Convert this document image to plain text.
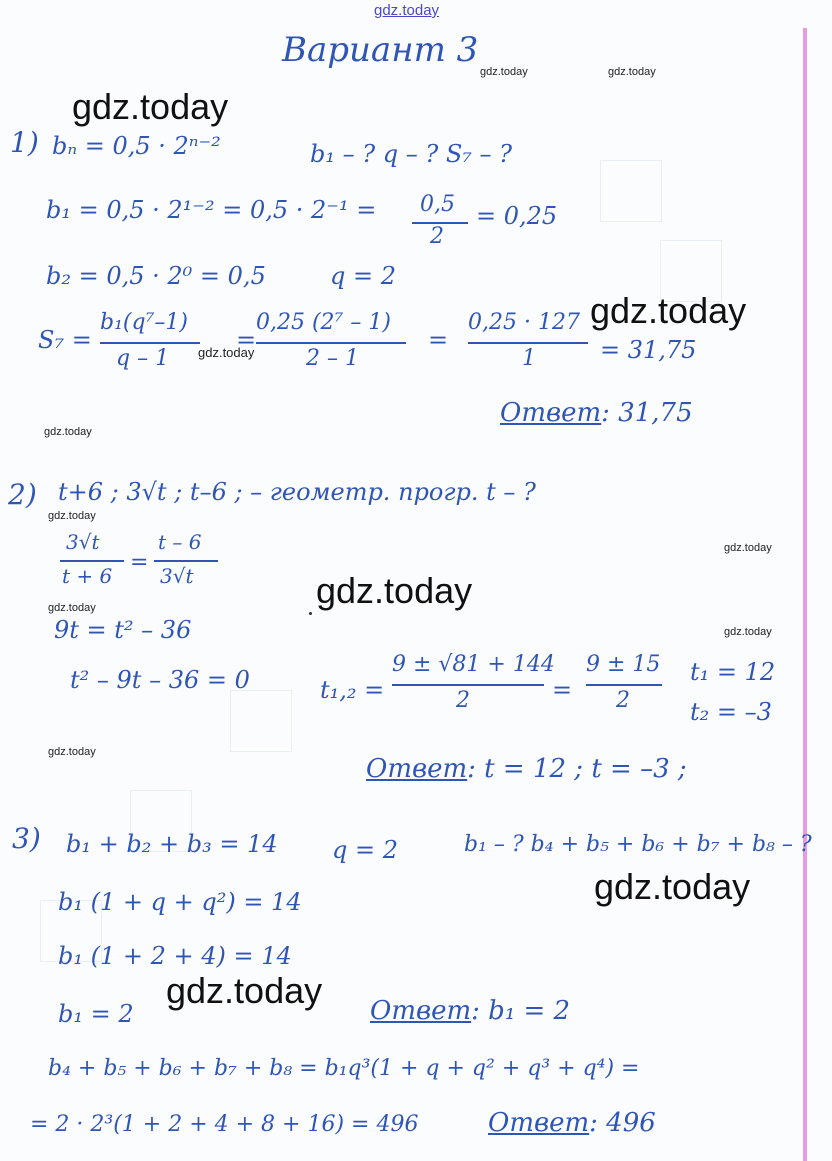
gdz.today
gdz.today	gdz.today
gdz.today
gdz.today
gdz.today
gdz.today
gdz.today
gdz.today
gdz.today
gdz.today
gdz.today
gdz.today
gdz.today
gdz.today
Вариант 3
1) bₙ = 0,5 · 2ⁿ⁻²	b₁ – ? q – ? S₇ – ?
b₁ = 0,5 · 2¹⁻² = 0,5 · 2⁻¹ = 0,5
2
= 0,25
b₂ = 0,5 · 2⁰ = 0,5	q = 2
S₇ =
b₁(q⁷–1)
q – 1
=
0,25 (2⁷ – 1)
2 – 1
=
0,25 · 127
1	= 31,75
Ответ: 31,75
2) t+6 ; 3√t ; t–6 ; – геометр. прогр. t – ?
3√t
t + 6
=
t – 6
3√t
9t = t² – 36
t² – 9t – 36 = 0	t₁,₂ =
9 ± √81 + 144
2	=
9 ± 15
2
t₁ = 12
t₂ = –3
Ответ: t = 12 ; t = –3 ;
3) b₁ + b₂ + b₃ = 14 q = 2	b₁ – ? b₄ + b₅ + b₆ + b₇ + b₈ – ?
b₁ (1 + q + q²) = 14
b₁ (1 + 2 + 4) = 14
b₁ = 2	Ответ: b₁ = 2
b₄ + b₅ + b₆ + b₇ + b₈ = b₁q³(1 + q + q² + q³ + q⁴) =
= 2 · 2³(1 + 2 + 4 + 8 + 16) = 496	Ответ: 496
